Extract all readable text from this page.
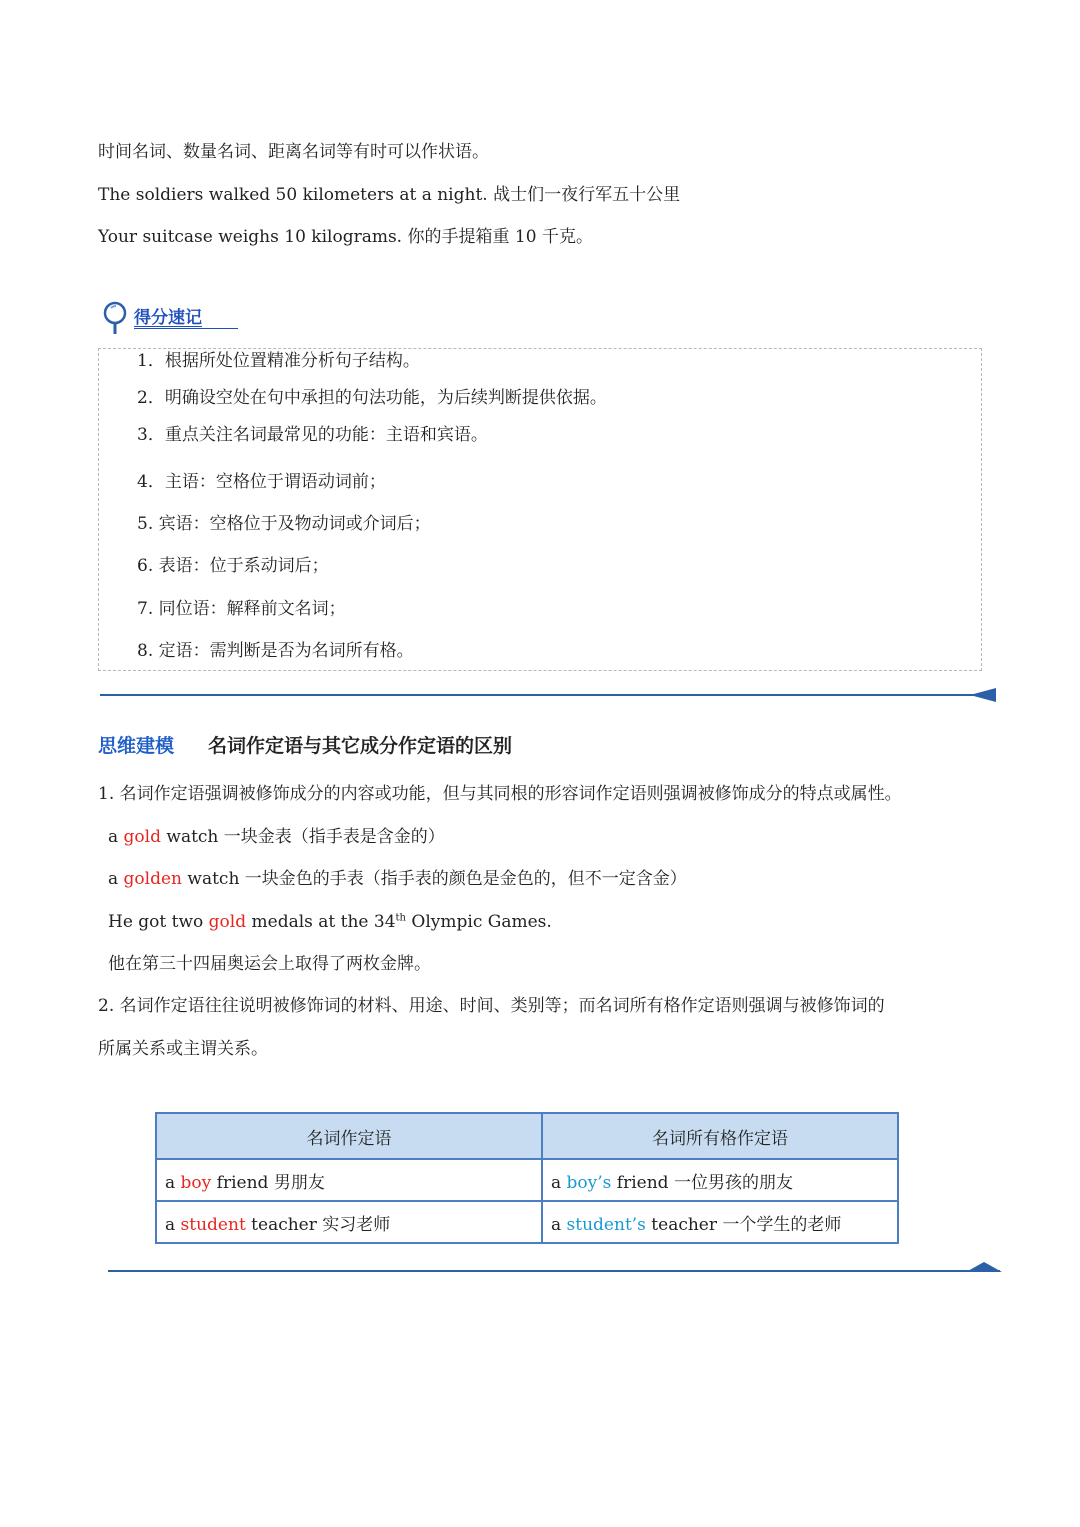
时间名词、数量名词、距离名词等有时可以作状语。
The soldiers walked 50 kilometers at a night. 战士们一夜行军五十公里
Your suitcase weighs 10 kilograms. 你的手提箱重 10 千克。
得分速记
1．根据所处位置精准分析句子结构。
2．明确设空处在句中承担的句法功能，为后续判断提供依据。
3．重点关注名词最常见的功能：主语和宾语。
4．主语：空格位于谓语动词前；
5. 宾语：空格位于及物动词或介词后；
6. 表语：位于系动词后；
7. 同位语：解释前文名词；
8. 定语：需判断是否为名词所有格。
思维建模 名词作定语与其它成分作定语的区别
1. 名词作定语强调被修饰成分的内容或功能，但与其同根的形容词作定语则强调被修饰成分的特点或属性。
a gold watch 一块金表（指手表是含金的）
a golden watch 一块金色的手表（指手表的颜色是金色的，但不一定含金）
He got two gold medals at the 34th Olympic Games.
他在第三十四届奥运会上取得了两枚金牌。
2. 名词作定语往往说明被修饰词的材料、用途、时间、类别等；而名词所有格作定语则强调与被修饰词的
所属关系或主谓关系。
名词作定语	名词所有格作定语
a boy friend 男朋友	a boy’s friend 一位男孩的朋友
a student teacher 实习老师	a student’s teacher 一个学生的老师
